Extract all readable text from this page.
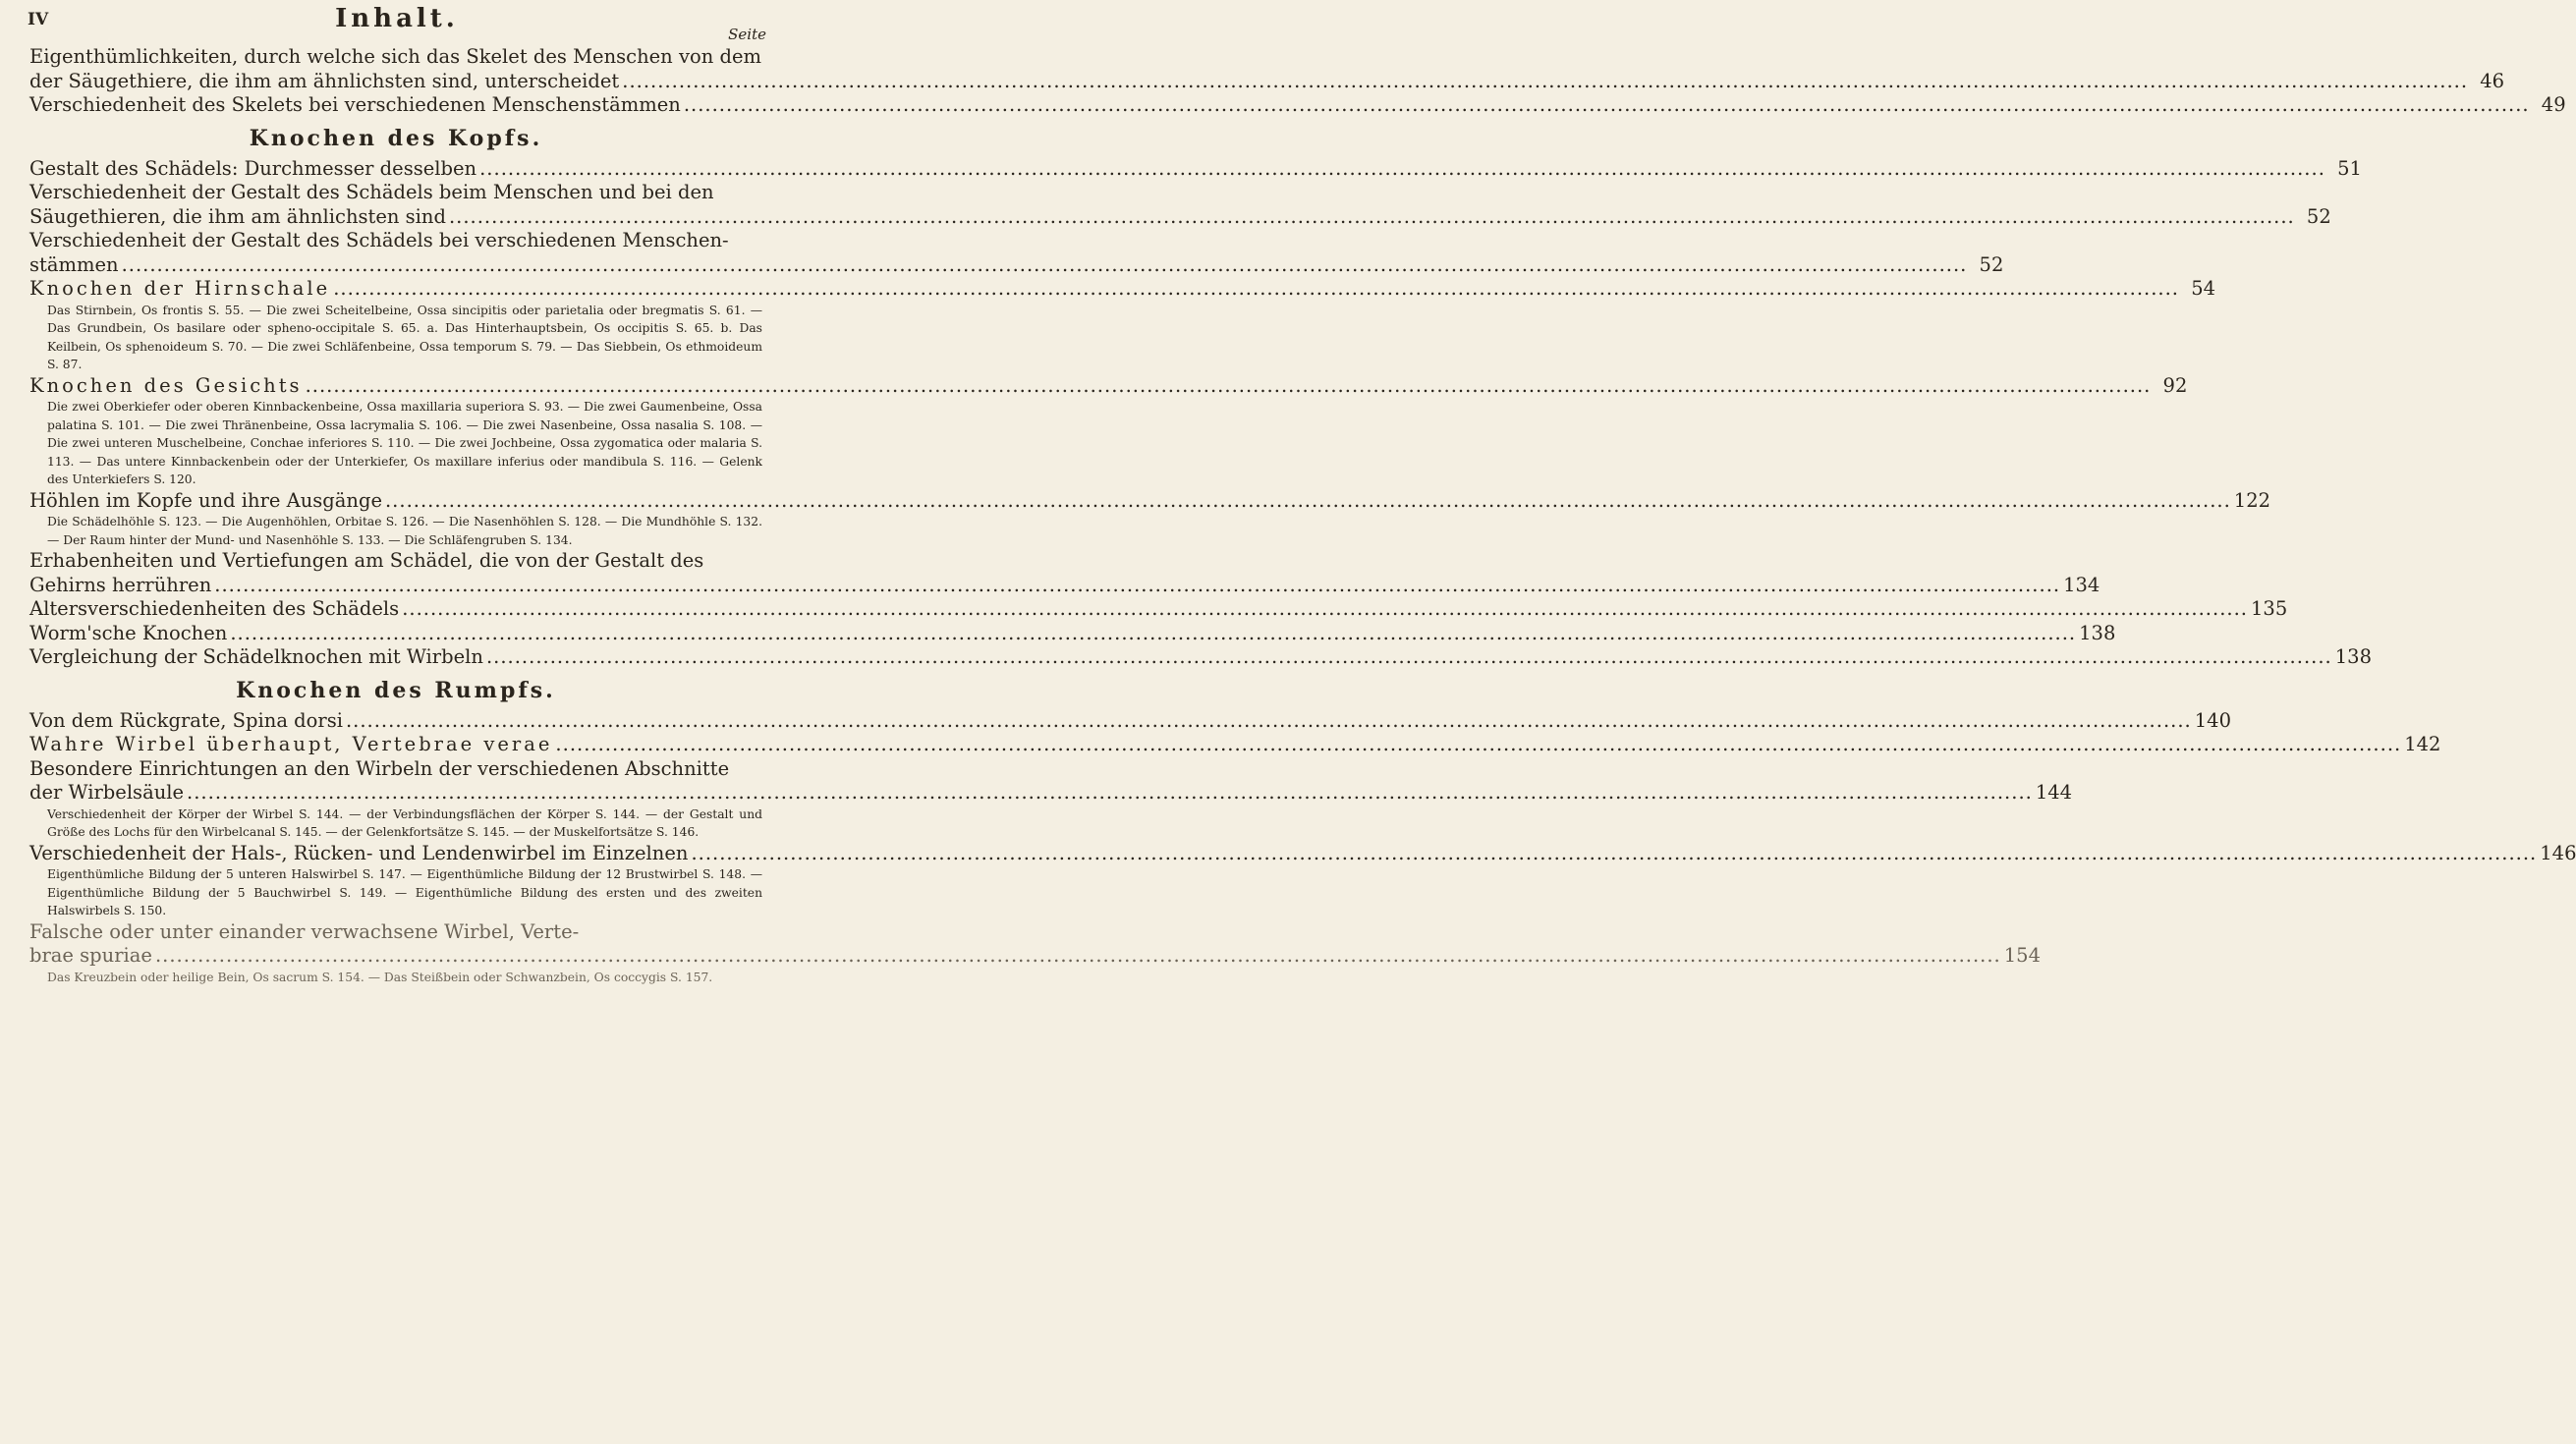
IV	Inhalt.
Seite
Eigenthümlichkeiten, durch welche sich das Skelet des Menschen von dem
der Säugethiere, die ihm am ähnlichsten sind, unterscheidet .....	46
Verschiedenheit des Skelets bei verschiedenen Menschenstämmen .....	49
Knochen des Kopfs.
Gestalt des Schädels: Durchmesser desselben .....	51
Verschiedenheit der Gestalt des Schädels beim Menschen und bei den
Säugethieren, die ihm am ähnlichsten sind .....	52
Verschiedenheit der Gestalt des Schädels bei verschiedenen Menschen-
stämmen .....	52
Knochen der Hirnschale .....	54
Das Stirnbein, Os frontis S. 55. — Die zwei Scheitelbeine, Ossa sincipitis oder parietalia oder bregmatis S. 61. — Das Grundbein, Os basilare oder spheno-occipitale S. 65. a. Das Hinterhauptsbein, Os occipitis S. 65. b. Das Keilbein, Os sphenoideum S. 70. — Die zwei Schläfenbeine, Ossa temporum S. 79. — Das Siebbein, Os ethmoideum S. 87.
Knochen des Gesichts .....	92
Die zwei Oberkiefer oder oberen Kinnbackenbeine, Ossa maxillaria superiora S. 93. — Die zwei Gaumenbeine, Ossa palatina S. 101. — Die zwei Thränenbeine, Ossa lacrymalia S. 106. — Die zwei Nasenbeine, Ossa nasalia S. 108. — Die zwei unteren Muschelbeine, Conchae inferiores S. 110. — Die zwei Jochbeine, Ossa zygomatica oder malaria S. 113. — Das untere Kinnbackenbein oder der Unterkiefer, Os maxillare inferius oder mandibula S. 116. — Gelenk des Unterkiefers S. 120.
Höhlen im Kopfe und ihre Ausgänge .....	122
Die Schädelhöhle S. 123. — Die Augenhöhlen, Orbitae S. 126. — Die Nasenhöhlen S. 128. — Die Mundhöhle S. 132. — Der Raum hinter der Mund- und Nasenhöhle S. 133. — Die Schläfengruben S. 134.
Erhabenheiten und Vertiefungen am Schädel, die von der Gestalt des
Gehirns herrühren .....	134
Altersverschiedenheiten des Schädels .....	135
Worm'sche Knochen .....	138
Vergleichung der Schädelknochen mit Wirbeln .....	138
Knochen des Rumpfs.
Von dem Rückgrate, Spina dorsi .....	140
Wahre Wirbel überhaupt, Vertebrae verae .....	142
Besondere Einrichtungen an den Wirbeln der verschiedenen Abschnitte
der Wirbelsäule .....	144
Verschiedenheit der Körper der Wirbel S. 144. — der Verbindungsflächen der Körper S. 144. — der Gestalt und Größe des Lochs für den Wirbelcanal S. 145. — der Gelenkfortsätze S. 145. — der Muskelfortsätze S. 146.
Verschiedenheit der Hals-, Rücken- und Lendenwirbel im Einzelnen .....	146
Eigenthümliche Bildung der 5 unteren Halswirbel S. 147. — Eigenthümliche Bildung der 12 Brustwirbel S. 148. — Eigenthümliche Bildung der 5 Bauchwirbel S. 149. — Eigenthümliche Bildung des ersten und des zweiten Halswirbels S. 150.
Falsche oder unter einander verwachsene Wirbel, Verte-
brae spuriae .....	154
Das Kreuzbein oder heilige Bein, Os sacrum S. 154. — Das Steißbein oder Schwanzbein, Os coccygis S. 157.
